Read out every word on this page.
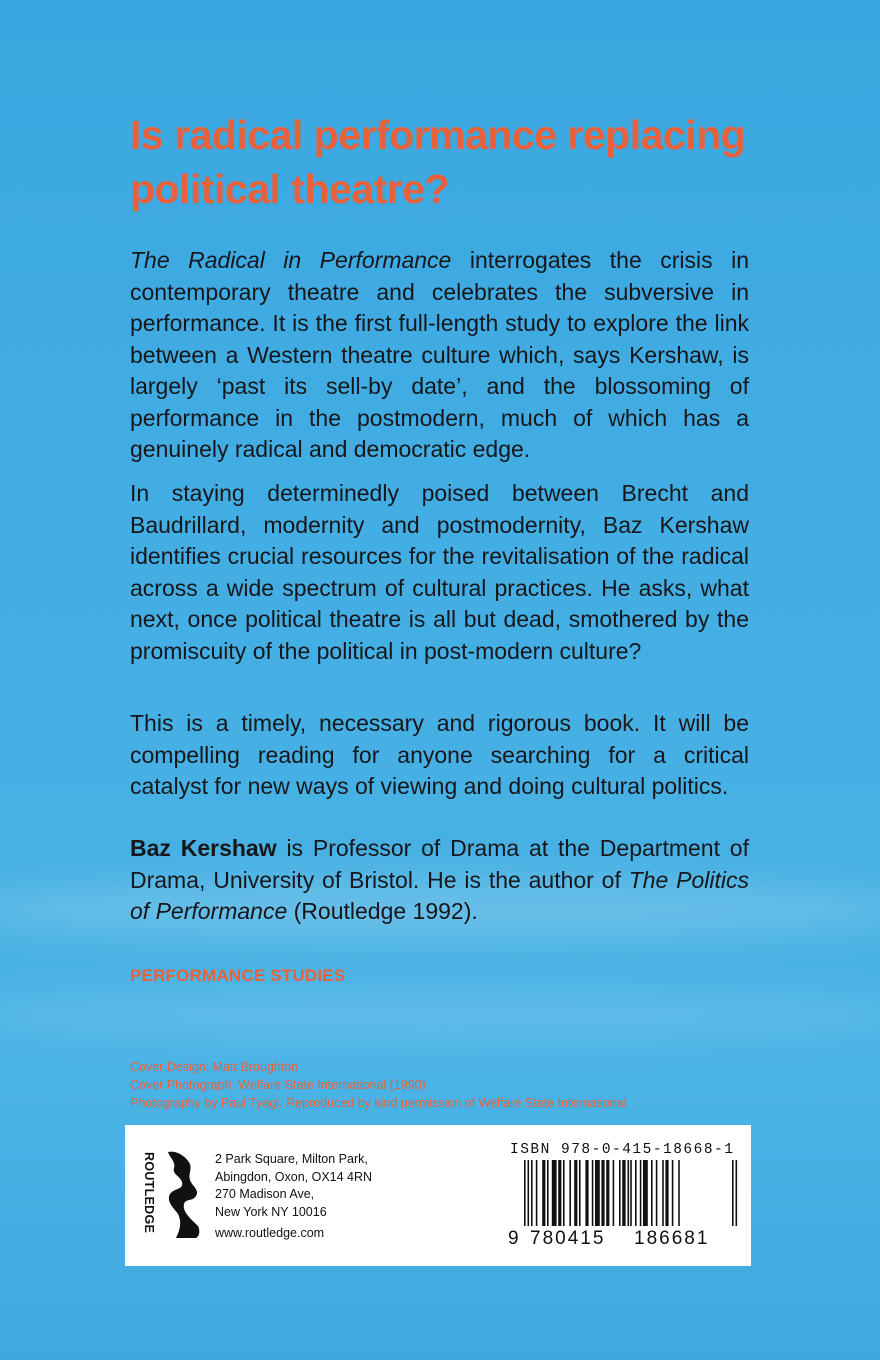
Is radical performance replacing political theatre?

The Radical in Performance interrogates the crisis in contemporary theatre and celebrates the subversive in performance. It is the first full-length study to explore the link between a Western theatre culture which, says Kershaw, is largely ‘past its sell-by date’, and the blossoming of performance in the postmodern, much of which has a genuinely radical and democratic edge.

In staying determinedly poised between Brecht and Baudrillard, modernity and postmodernity, Baz Kershaw identifies crucial resources for the revitalisation of the radical across a wide spectrum of cultural practices. He asks, what next, once political theatre is all but dead, smothered by the promiscuity of the political in post-modern culture?

This is a timely, necessary and rigorous book. It will be compelling reading for anyone searching for a critical catalyst for new ways of viewing and doing cultural politics.

Baz Kershaw is Professor of Drama at the Department of Drama, University of Bristol. He is the author of The Politics of Performance (Routledge 1992).

PERFORMANCE STUDIES
Cover Design: Matt Broughton
Cover Photograph: Welfare State International (1990)
Photography by Paul Tyagi. Reproduced by kind permission of Welfare State International
ROUTLEDGE	2 Park Square, Milton Park,
Abingdon, Oxon, OX14 4RN
270 Madison Ave,
New York NY 10016
www.routledge.com
ISBN 978-0-415-18668-1
9 780415 186681
